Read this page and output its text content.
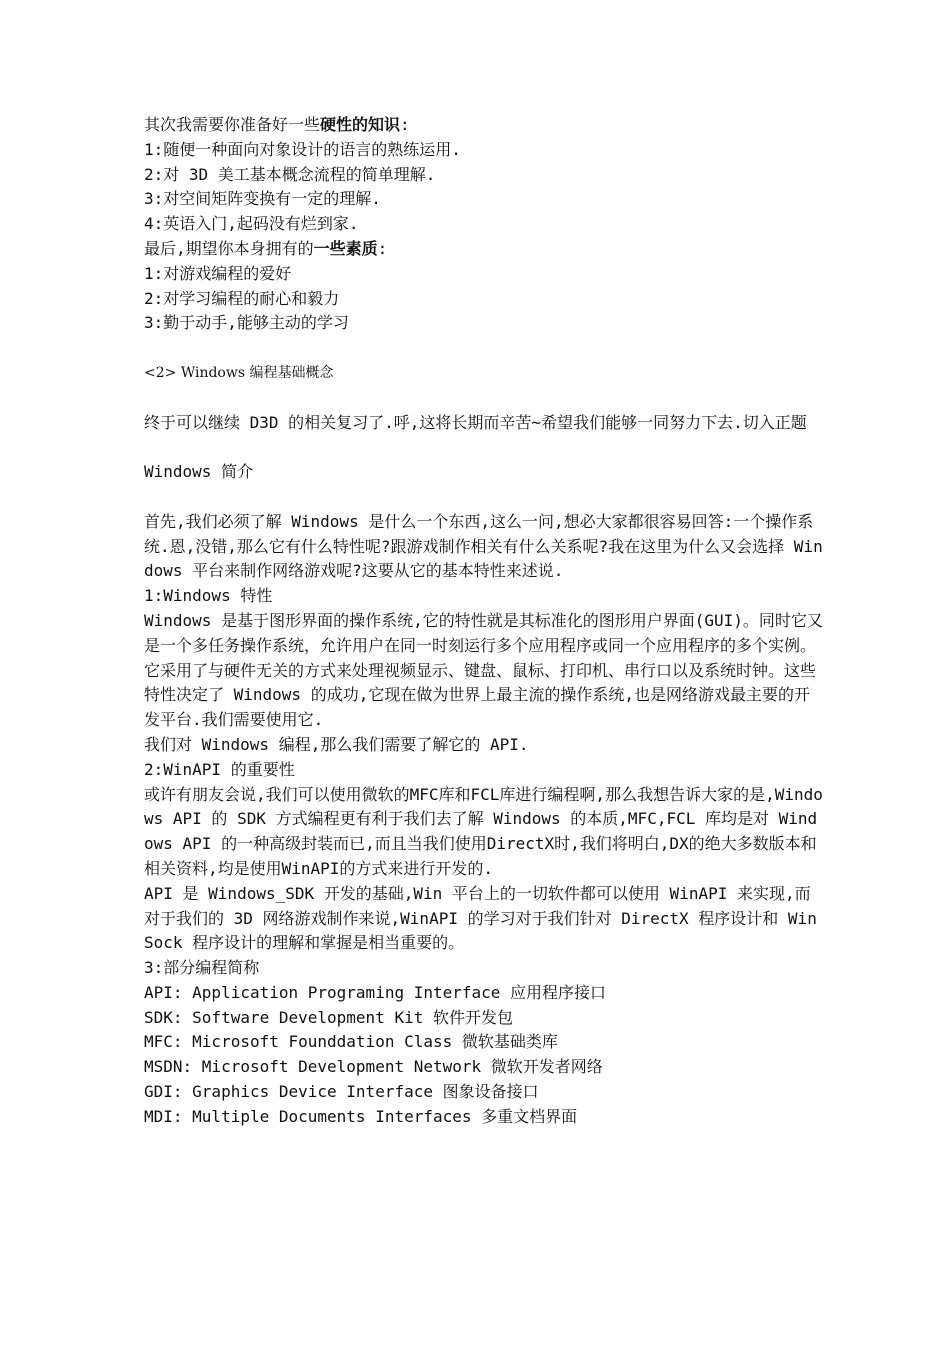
其次我需要你准备好一些硬性的知识:
1:随便一种面向对象设计的语言的熟练运用.
2:对 3D 美工基本概念流程的简单理解.
3:对空间矩阵变换有一定的理解.
4:英语入门,起码没有烂到家.
最后,期望你本身拥有的一些素质:
1:对游戏编程的爱好
2:对学习编程的耐心和毅力
3:勤于动手,能够主动的学习
<2> Windows 编程基础概念
终于可以继续 D3D 的相关复习了.呼,这将长期而辛苦~希望我们能够一同努力下去.切入正题
Windows 简介
首先,我们必须了解 Windows 是什么一个东西,这么一问,想必大家都很容易回答:一个操作系统.恩,没错,那么它有什么特性呢?跟游戏制作相关有什么关系呢?我在这里为什么又会选择 Windows 平台来制作网络游戏呢?这要从它的基本特性来述说.
1:Windows 特性
Windows 是基于图形界面的操作系统,它的特性就是其标准化的图形用户界面(GUI)。同时它又是一个多任务操作系统，允许用户在同一时刻运行多个应用程序或同一个应用程序的多个实例。它采用了与硬件无关的方式来处理视频显示、键盘、鼠标、打印机、串行口以及系统时钟。这些特性决定了 Windows 的成功,它现在做为世界上最主流的操作系统,也是网络游戏最主要的开发平台.我们需要使用它.
我们对 Windows 编程,那么我们需要了解它的 API.
2:WinAPI 的重要性
或许有朋友会说,我们可以使用微软的MFC库和FCL库进行编程啊,那么我想告诉大家的是,Windows API 的 SDK 方式编程更有利于我们去了解 Windows 的本质,MFC,FCL 库均是对 Windows API 的一种高级封装而已,而且当我们使用DirectX时,我们将明白,DX的绝大多数版本和相关资料,均是使用WinAPI的方式来进行开发的.
API 是 Windows_SDK 开发的基础,Win 平台上的一切软件都可以使用 WinAPI 来实现,而对于我们的 3D 网络游戏制作来说,WinAPI 的学习对于我们针对 DirectX 程序设计和 WinSock 程序设计的理解和掌握是相当重要的。
3:部分编程简称
API: Application Programing Interface 应用程序接口
SDK: Software Development Kit 软件开发包
MFC: Microsoft Founddation Class 微软基础类库
MSDN: Microsoft Development Network 微软开发者网络
GDI: Graphics Device Interface 图象设备接口
MDI: Multiple Documents Interfaces 多重文档界面
